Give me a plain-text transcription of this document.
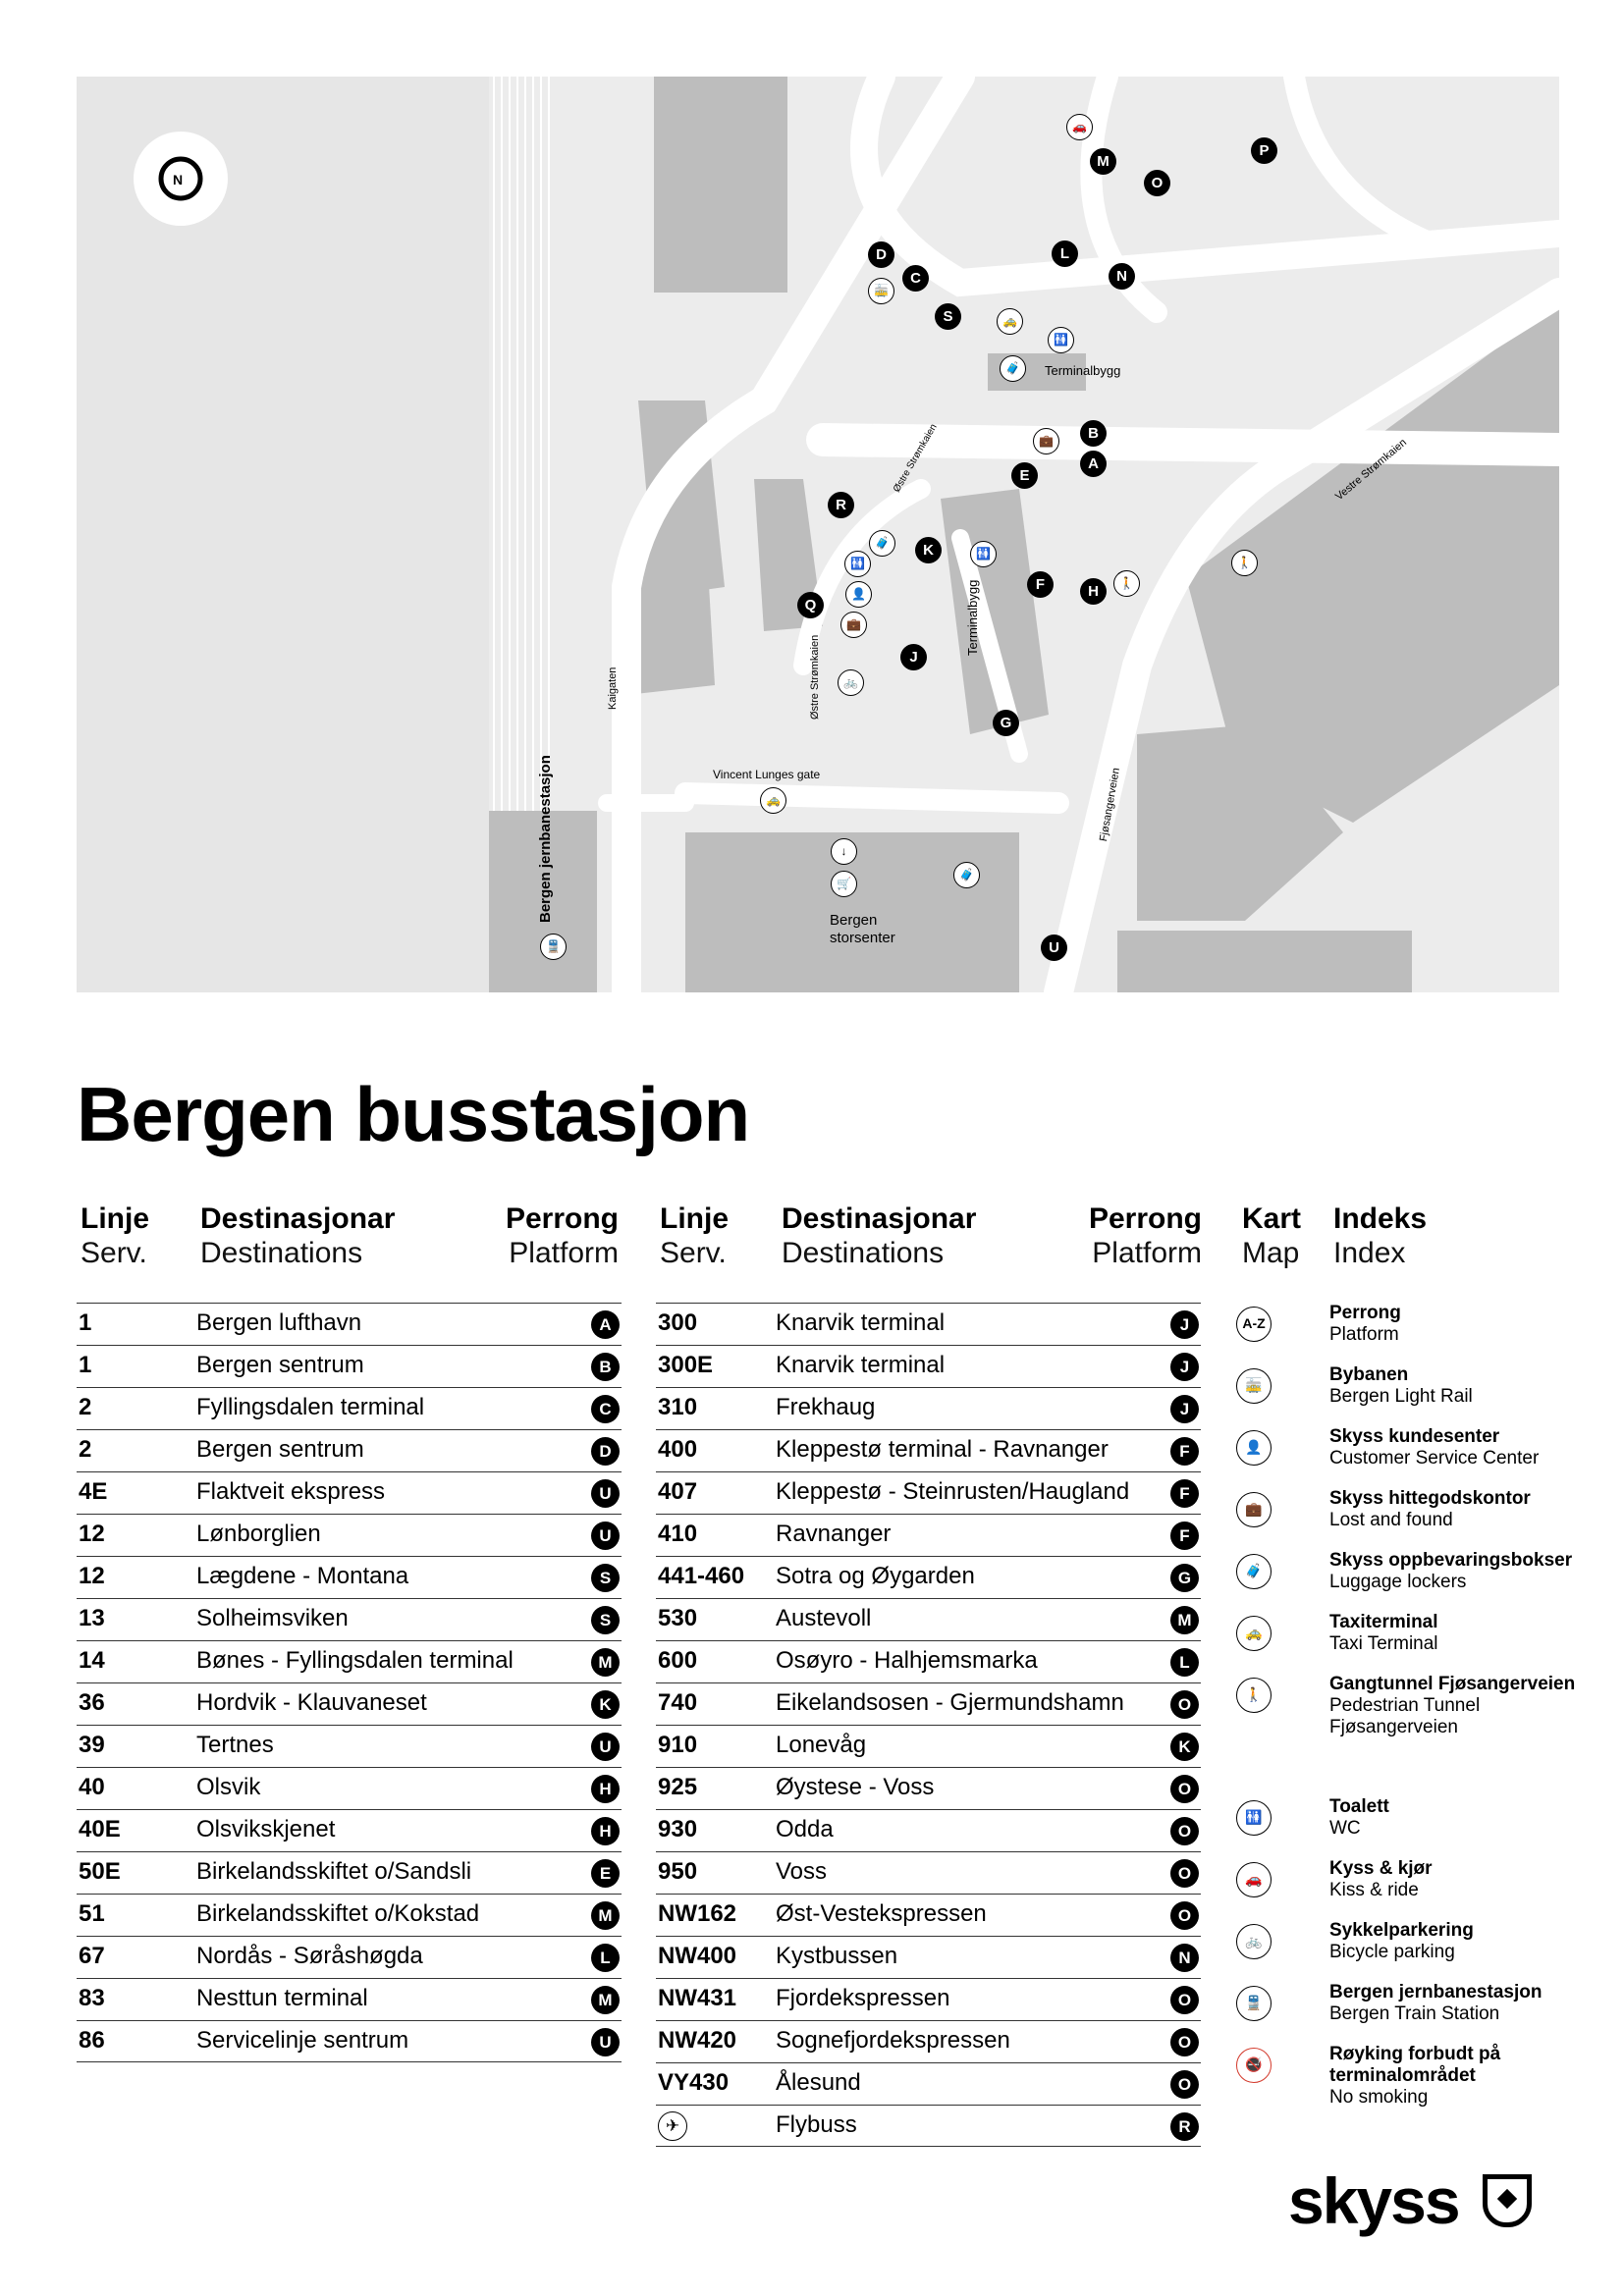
N
Terminalbygg
Terminalbygg
Østre Strømkaien
Østre Strømkaien
Vestre Strømkaien
Kaigaten
Vincent Lunges gate	Fjøsangerveien
Bergen jernbanestasjon	Bergen storsenter
A
B
C
D
E
F
G
H
J
K
L
M
N
O
P
Q
R
S
U
🚗
🚋
🚕
🚻
🧳
💼
🧳
🚻
🚻
👤
💼
🚲
🚶
🚶
🚕
↓
🛒
🧳
🚆
Bergen busstasjon
Linje
Serv.
Destinasjonar
Destinations
Perrong
Platform
Linje
Serv.
Destinasjonar
Destinations
Perrong
Platform
Kart
Map
Indeks
Index
1	Bergen lufthavn	A
1	Bergen sentrum	B
2	Fyllingsdalen terminal	C
2	Bergen sentrum	D
4E	Flaktveit ekspress	U
12	Lønborglien	U
12	Lægdene - Montana	S
13	Solheimsviken	S
14	Bønes - Fyllingsdalen terminal	M
36	Hordvik - Klauvaneset	K
39	Tertnes	U
40	Olsvik	H
40E	Olsvikskjenet	H
50E	Birkelandsskiftet o/Sandsli	E
51	Birkelandsskiftet o/Kokstad	M
67	Nordås - Søråshøgda	L
83	Nesttun terminal	M
86	Servicelinje sentrum	U
300	Knarvik terminal	J
300E	Knarvik terminal	J
310	Frekhaug	J
400	Kleppestø terminal - Ravnanger	F
407	Kleppestø - Steinrusten/Haugland	F
410	Ravnanger	F
441-460 Sotra og Øygarden	G
530	Austevoll	M
600	Osøyro - Halhjemsmarka	L
740	Eikelandsosen - Gjermundshamn	O
910	Lonevåg	K
925	Øystese - Voss	O
930	Odda	O
950	Voss	O
NW162 Øst-Vestekspressen	O
NW400 Kystbussen	N
NW431 Fjordekspressen	O
NW420 Sognefjordekspressen	O
VY430 Ålesund	O
✈	Flybuss	R
A-Z	Perrong
Platform
🚋	Bybanen
Bergen Light Rail
👤	Skyss kundesenter
Customer Service Center
💼	Skyss hittegodskontor
Lost and found
🧳	Skyss oppbevaringsbokser
Luggage lockers
🚕	Taxiterminal
Taxi Terminal
🚶	Gangtunnel Fjøsangerveien
Pedestrian Tunnel Fjøsangerveien
🚻	Toalett
WC
🚗	Kyss & kjør
Kiss & ride
🚲	Sykkelparkering
Bicycle parking
🚆	Bergen jernbanestasjon
Bergen Train Station
🚭	Røyking forbudt på terminalområdet
No smoking
skyss
